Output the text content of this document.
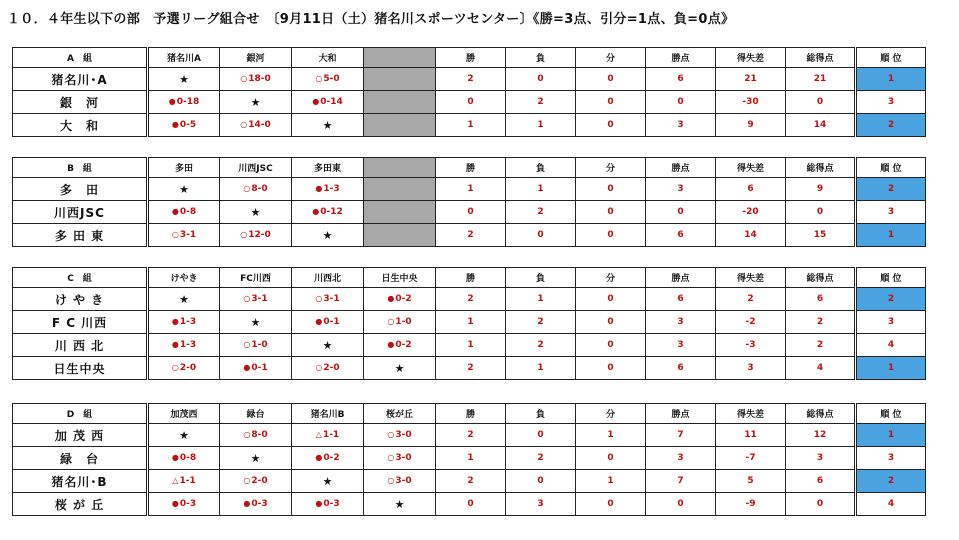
１０．４年生以下の部　予選リーグ組合せ　〔9月11日（土）猪名川スポーツセンター〕《勝=3点、引分=1点、負=0点》
A　組	猪名川A	銀河	大和		勝	負	分	勝点	得失差	総得点	順 位
猪名川･A	★	○18-0	○5-0		2	0	0	6	21	21	1
銀　河	●0-18	★	●0-14		0	2	0	0	-30	0	3
大　和	●0-5	○14-0	★		1	1	0	3	9	14	2
B　組	多田	川西JSC	多田東		勝	負	分	勝点	得失差	総得点	順 位
多　田	★	○8-0	●1-3		1	1	0	3	6	9	2
川西JSC	●0-8	★	●0-12		0	2	0	0	-20	0	3
多 田 東	○3-1	○12-0	★		2	0	0	6	14	15	1
C　組	けやき	FC川西	川西北	日生中央	勝	負	分	勝点	得失差	総得点	順 位
け や き	★	○3-1	○3-1	●0-2	2	1	0	6	2	6	2
F C 川西	●1-3	★	●0-1	○1-0	1	2	0	3	-2	2	3
川 西 北	●1-3	○1-0	★	●0-2	1	2	0	3	-3	2	4
日生中央	○2-0	●0-1	○2-0	★	2	1	0	6	3	4	1
D　組	加茂西	緑台	猪名川B	桜が丘	勝	負	分	勝点	得失差	総得点	順 位
加 茂 西	★	○8-0	△1-1	○3-0	2	0	1	7	11	12	1
緑　台	●0-8	★	●0-2	○3-0	1	2	0	3	-7	3	3
猪名川･B	△1-1	○2-0	★	○3-0	2	0	1	7	5	6	2
桜 が 丘	●0-3	●0-3	●0-3	★	0	3	0	0	-9	0	4
